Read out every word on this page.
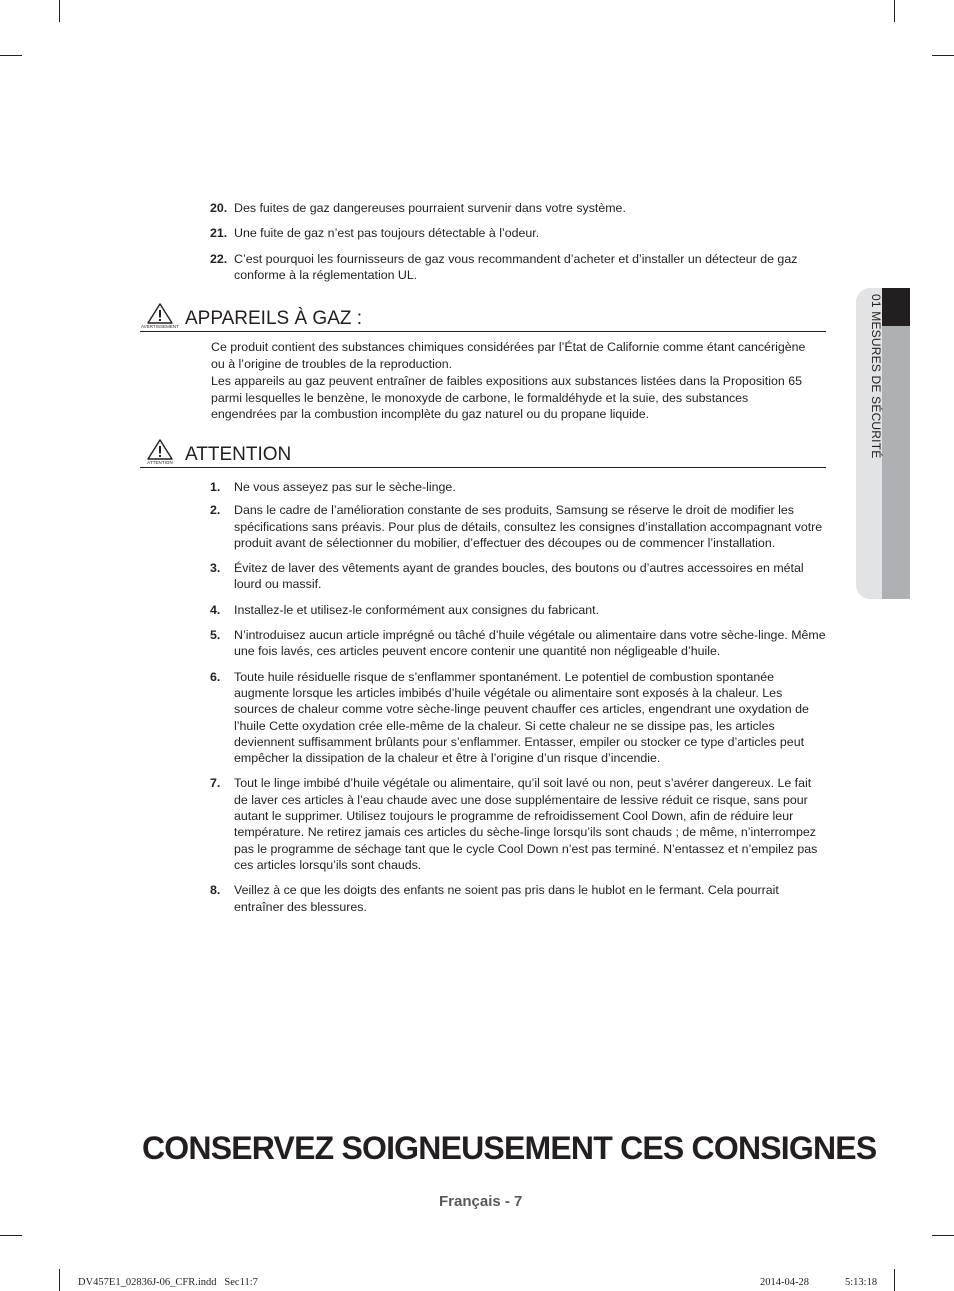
20. Des fuites de gaz dangereuses pourraient survenir dans votre système.
21. Une fuite de gaz n’est pas toujours détectable à l’odeur.
22. C’est pourquoi les fournisseurs de gaz vous recommandent d’acheter et d’installer un détecteur de gaz conforme à la réglementation UL.
AVERTISSEMENT APPAREILS À GAZ :

Ce produit contient des substances chimiques considérées par l’État de Californie comme étant cancérigène ou à l’origine de troubles de la reproduction.

Les appareils au gaz peuvent entraîner de faibles expositions aux substances listées dans la Proposition 65 parmi lesquelles le benzène, le monoxyde de carbone, le formaldéhyde et la suie, des substances engendrées par la combustion incomplète du gaz naturel ou du propane liquide.

ATTENTION ATTENTION
1.	Ne vous asseyez pas sur le sèche-linge.
2.	Dans le cadre de l’amélioration constante de ses produits, Samsung se réserve le droit de modifier les spécifications sans préavis. Pour plus de détails, consultez les consignes d’installation accompagnant votre produit avant de sélectionner du mobilier, d’effectuer des découpes ou de commencer l’installation.
3.	Évitez de laver des vêtements ayant de grandes boucles, des boutons ou d’autres accessoires en métal lourd ou massif.
4.	Installez-le et utilisez-le conformément aux consignes du fabricant.
5.	N’introduisez aucun article imprégné ou tâché d’huile végétale ou alimentaire dans votre sèche-linge. Même une fois lavés, ces articles peuvent encore contenir une quantité non négligeable d’huile.
6.	Toute huile résiduelle risque de s’enflammer spontanément. Le potentiel de combustion spontanée augmente lorsque les articles imbibés d’huile végétale ou alimentaire sont exposés à la chaleur. Les sources de chaleur comme votre sèche-linge peuvent chauffer ces articles, engendrant une oxydation de l’huile Cette oxydation crée elle-même de la chaleur. Si cette chaleur ne se dissipe pas, les articles deviennent suffisamment brûlants pour s’enflammer. Entasser, empiler ou stocker ce type d’articles peut empêcher la dissipation de la chaleur et être à l’origine d’un risque d’incendie.
7.	Tout le linge imbibé d’huile végétale ou alimentaire, qu’il soit lavé ou non, peut s’avérer dangereux. Le fait de laver ces articles à l’eau chaude avec une dose supplémentaire de lessive réduit ce risque, sans pour autant le supprimer. Utilisez toujours le programme de refroidissement Cool Down, afin de réduire leur température. Ne retirez jamais ces articles du sèche-linge lorsqu’ils sont chauds ; de même, n’interrompez pas le programme de séchage tant que le cycle Cool Down n’est pas terminé. N’entassez et n’empilez pas ces articles lorsqu’ils sont chauds.
8.	Veillez à ce que les doigts des enfants ne soient pas pris dans le hublot en le fermant. Cela pourrait entraîner des blessures.
01 MESURES DE SÉCURITÉ
CONSERVEZ SOIGNEUSEMENT CES CONSIGNES
Français - 7
DV457E1_02836J-06_CFR.indd   Sec11:7	2014-04-28	5:13:18
